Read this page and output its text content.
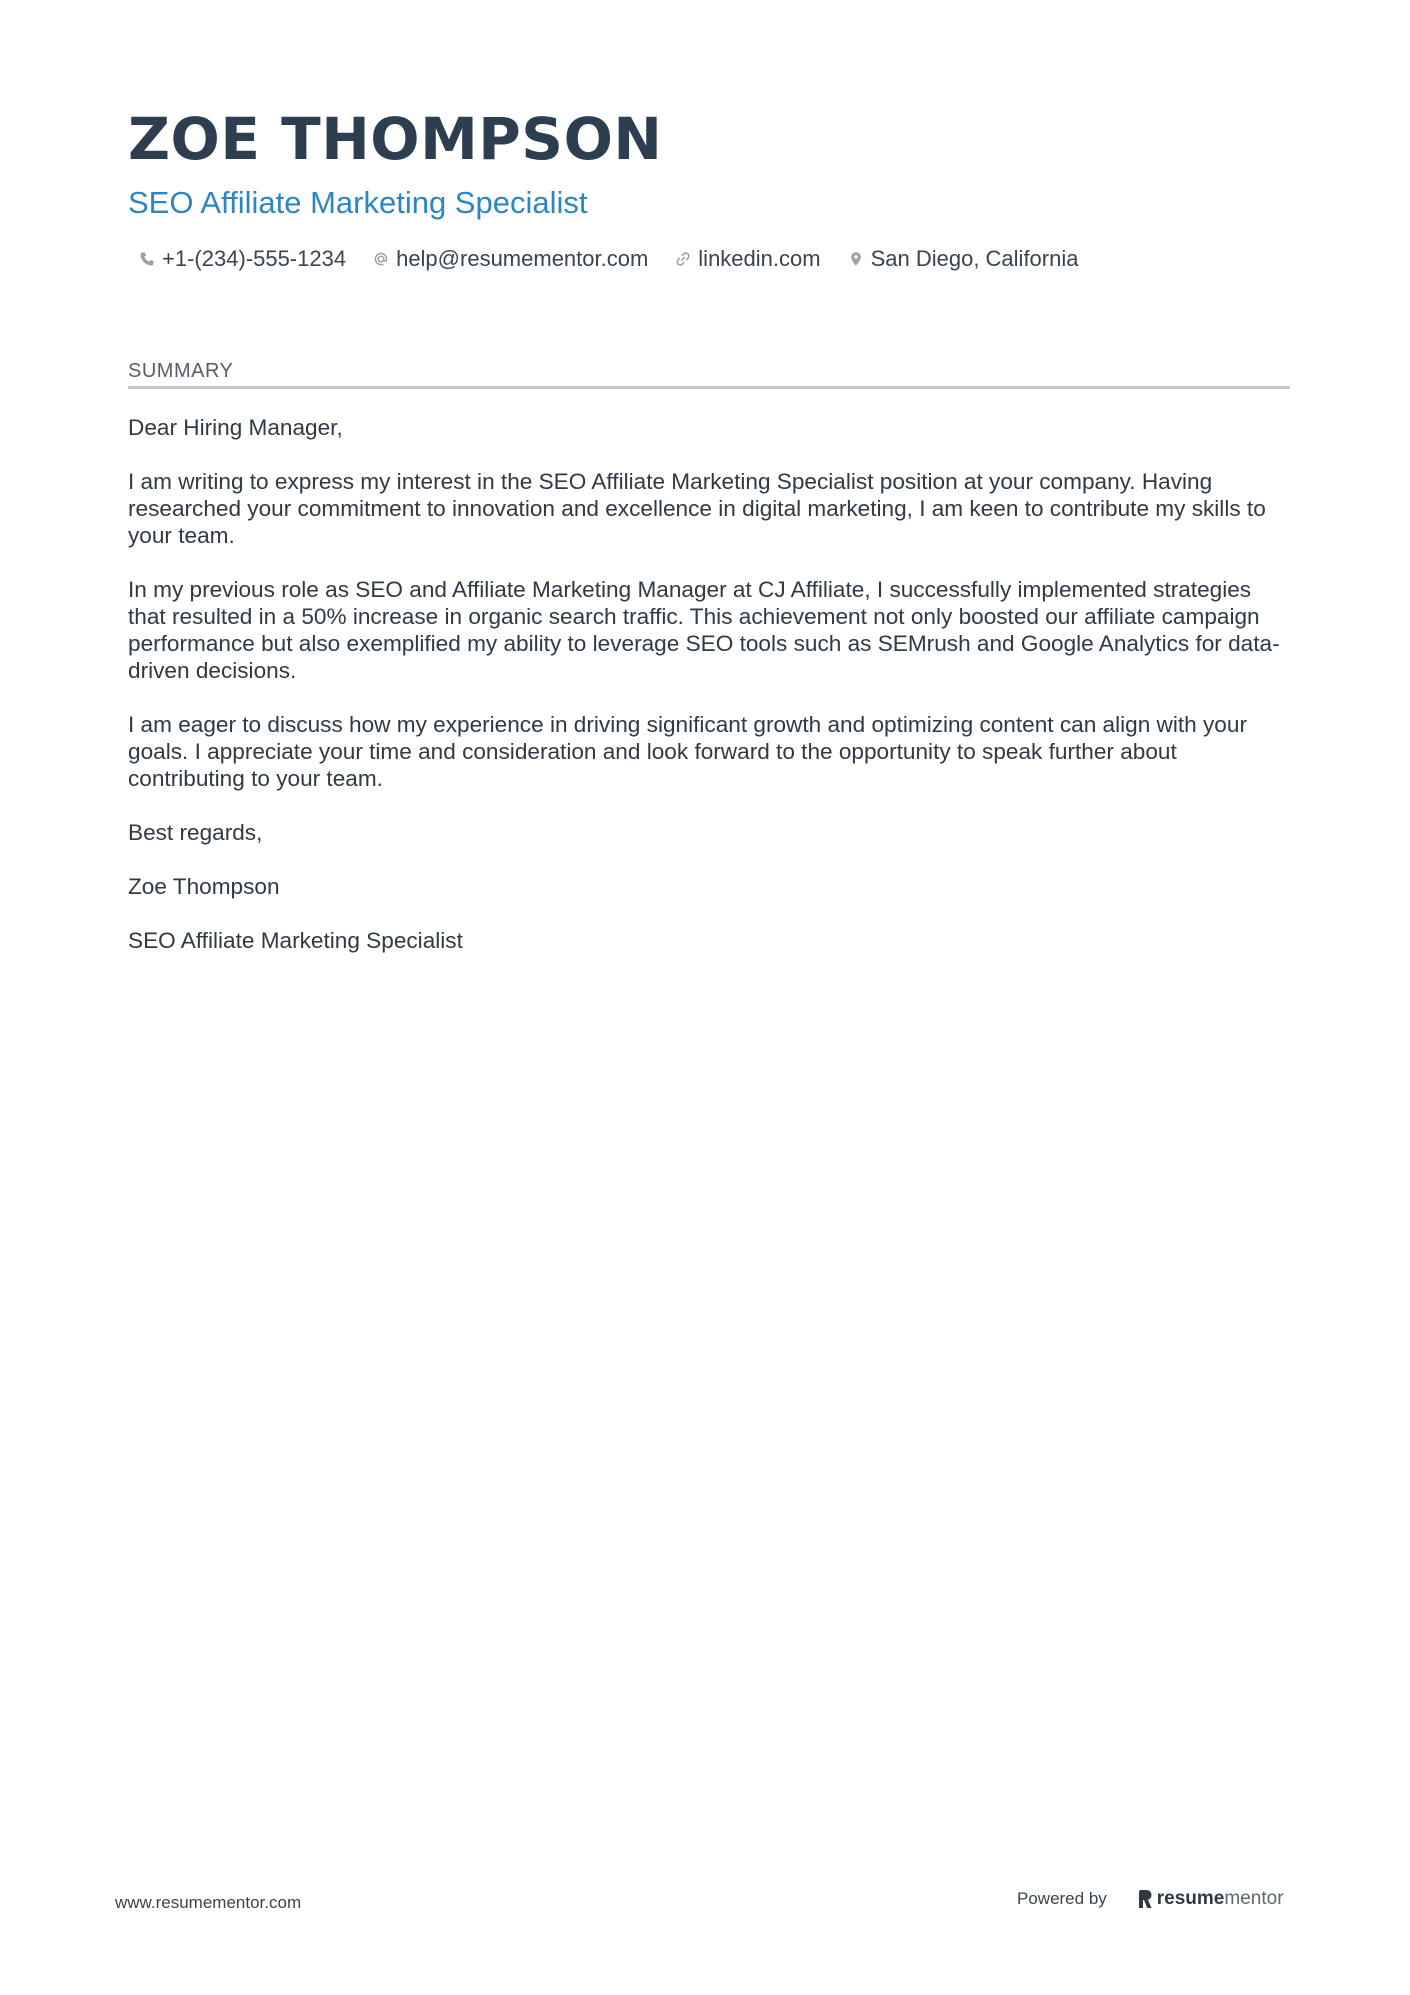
ZOE THOMPSON
SEO Affiliate Marketing Specialist
+1-(234)-555-1234 help@resumementor.com linkedin.com San Diego, California
SUMMARY

Dear Hiring Manager,

I am writing to express my interest in the SEO Affiliate Marketing Specialist position at your company. Having researched your commitment to innovation and excellence in digital marketing, I am keen to contribute my skills to your team.

In my previous role as SEO and Affiliate Marketing Manager at CJ Affiliate, I successfully implemented strategies that resulted in a 50% increase in organic search traffic. This achievement not only boosted our affiliate campaign performance but also exemplified my ability to leverage SEO tools such as SEMrush and Google Analytics for data-driven decisions.

I am eager to discuss how my experience in driving significant growth and optimizing content can align with your goals. I appreciate your time and consideration and look forward to the opportunity to speak further about contributing to your team.

Best regards,

Zoe Thompson

SEO Affiliate Marketing Specialist

www.resumementor.com	Powered by	resume mentor
